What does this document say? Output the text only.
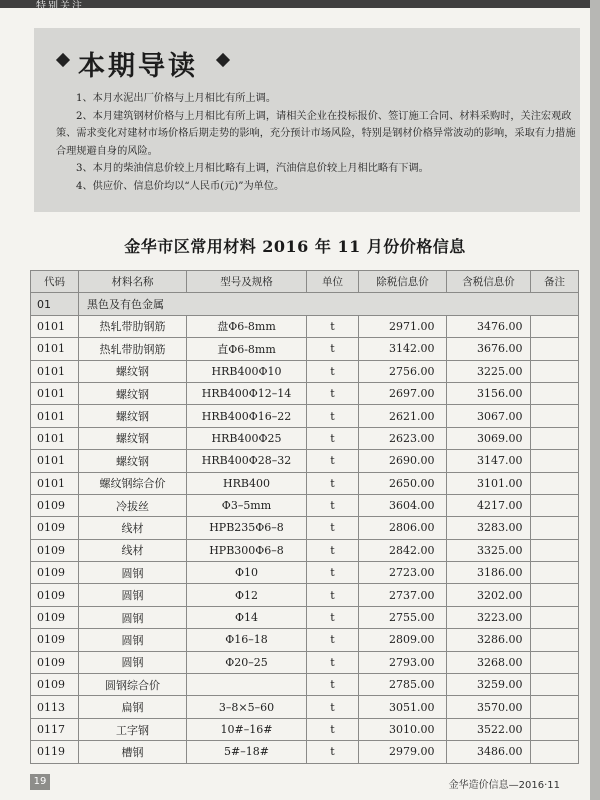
特别关注
本期导读

1、本月水泥出厂价格与上月相比有所上调。

2、本月建筑钢材价格与上月相比有所上调，请相关企业在投标报价、签订施工合同、材料采购时，关注宏观政策、需求变化对建材市场价格后期走势的影响，充分预计市场风险，特别是钢材价格异常波动的影响，采取有力措施合理规避自身的风险。

3、本月的柴油信息价较上月相比略有上调，汽油信息价较上月相比略有下调。

4、供应价、信息价均以“人民币(元)”为单位。

金华市区常用材料 2016 年 11 月份价格信息
代码	材料名称	型号及规格	单位	除税信息价	含税信息价	备注
01	黑色及有色金属					
0101	热轧带肋钢筋	盘Φ6-8mm	t	2971.00	3476.00	
0101	热轧带肋钢筋	直Φ6-8mm	t	3142.00	3676.00	
0101	螺纹钢	HRB400Φ10	t	2756.00	3225.00	
0101	螺纹钢	HRB400Φ12–14	t	2697.00	3156.00	
0101	螺纹钢	HRB400Φ16–22	t	2621.00	3067.00	
0101	螺纹钢	HRB400Φ25	t	2623.00	3069.00	
0101	螺纹钢	HRB400Φ28–32	t	2690.00	3147.00	
0101	螺纹钢综合价	HRB400	t	2650.00	3101.00	
0109	冷拔丝	Φ3–5mm	t	3604.00	4217.00	
0109	线材	HPB235Φ6–8	t	2806.00	3283.00	
0109	线材	HPB300Φ6–8	t	2842.00	3325.00	
0109	圆钢	Φ10	t	2723.00	3186.00	
0109	圆钢	Φ12	t	2737.00	3202.00	
0109	圆钢	Φ14	t	2755.00	3223.00	
0109	圆钢	Φ16–18	t	2809.00	3286.00	
0109	圆钢	Φ20–25	t	2793.00	3268.00	
0109	圆钢综合价		t	2785.00	3259.00	
0113	扁钢	3–8×5–60	t	3051.00	3570.00	
0117	工字钢	10#–16#	t	3010.00	3522.00	
0119	槽钢	5#–18#	t	2979.00	3486.00	
19	金华造价信息—2016·11
